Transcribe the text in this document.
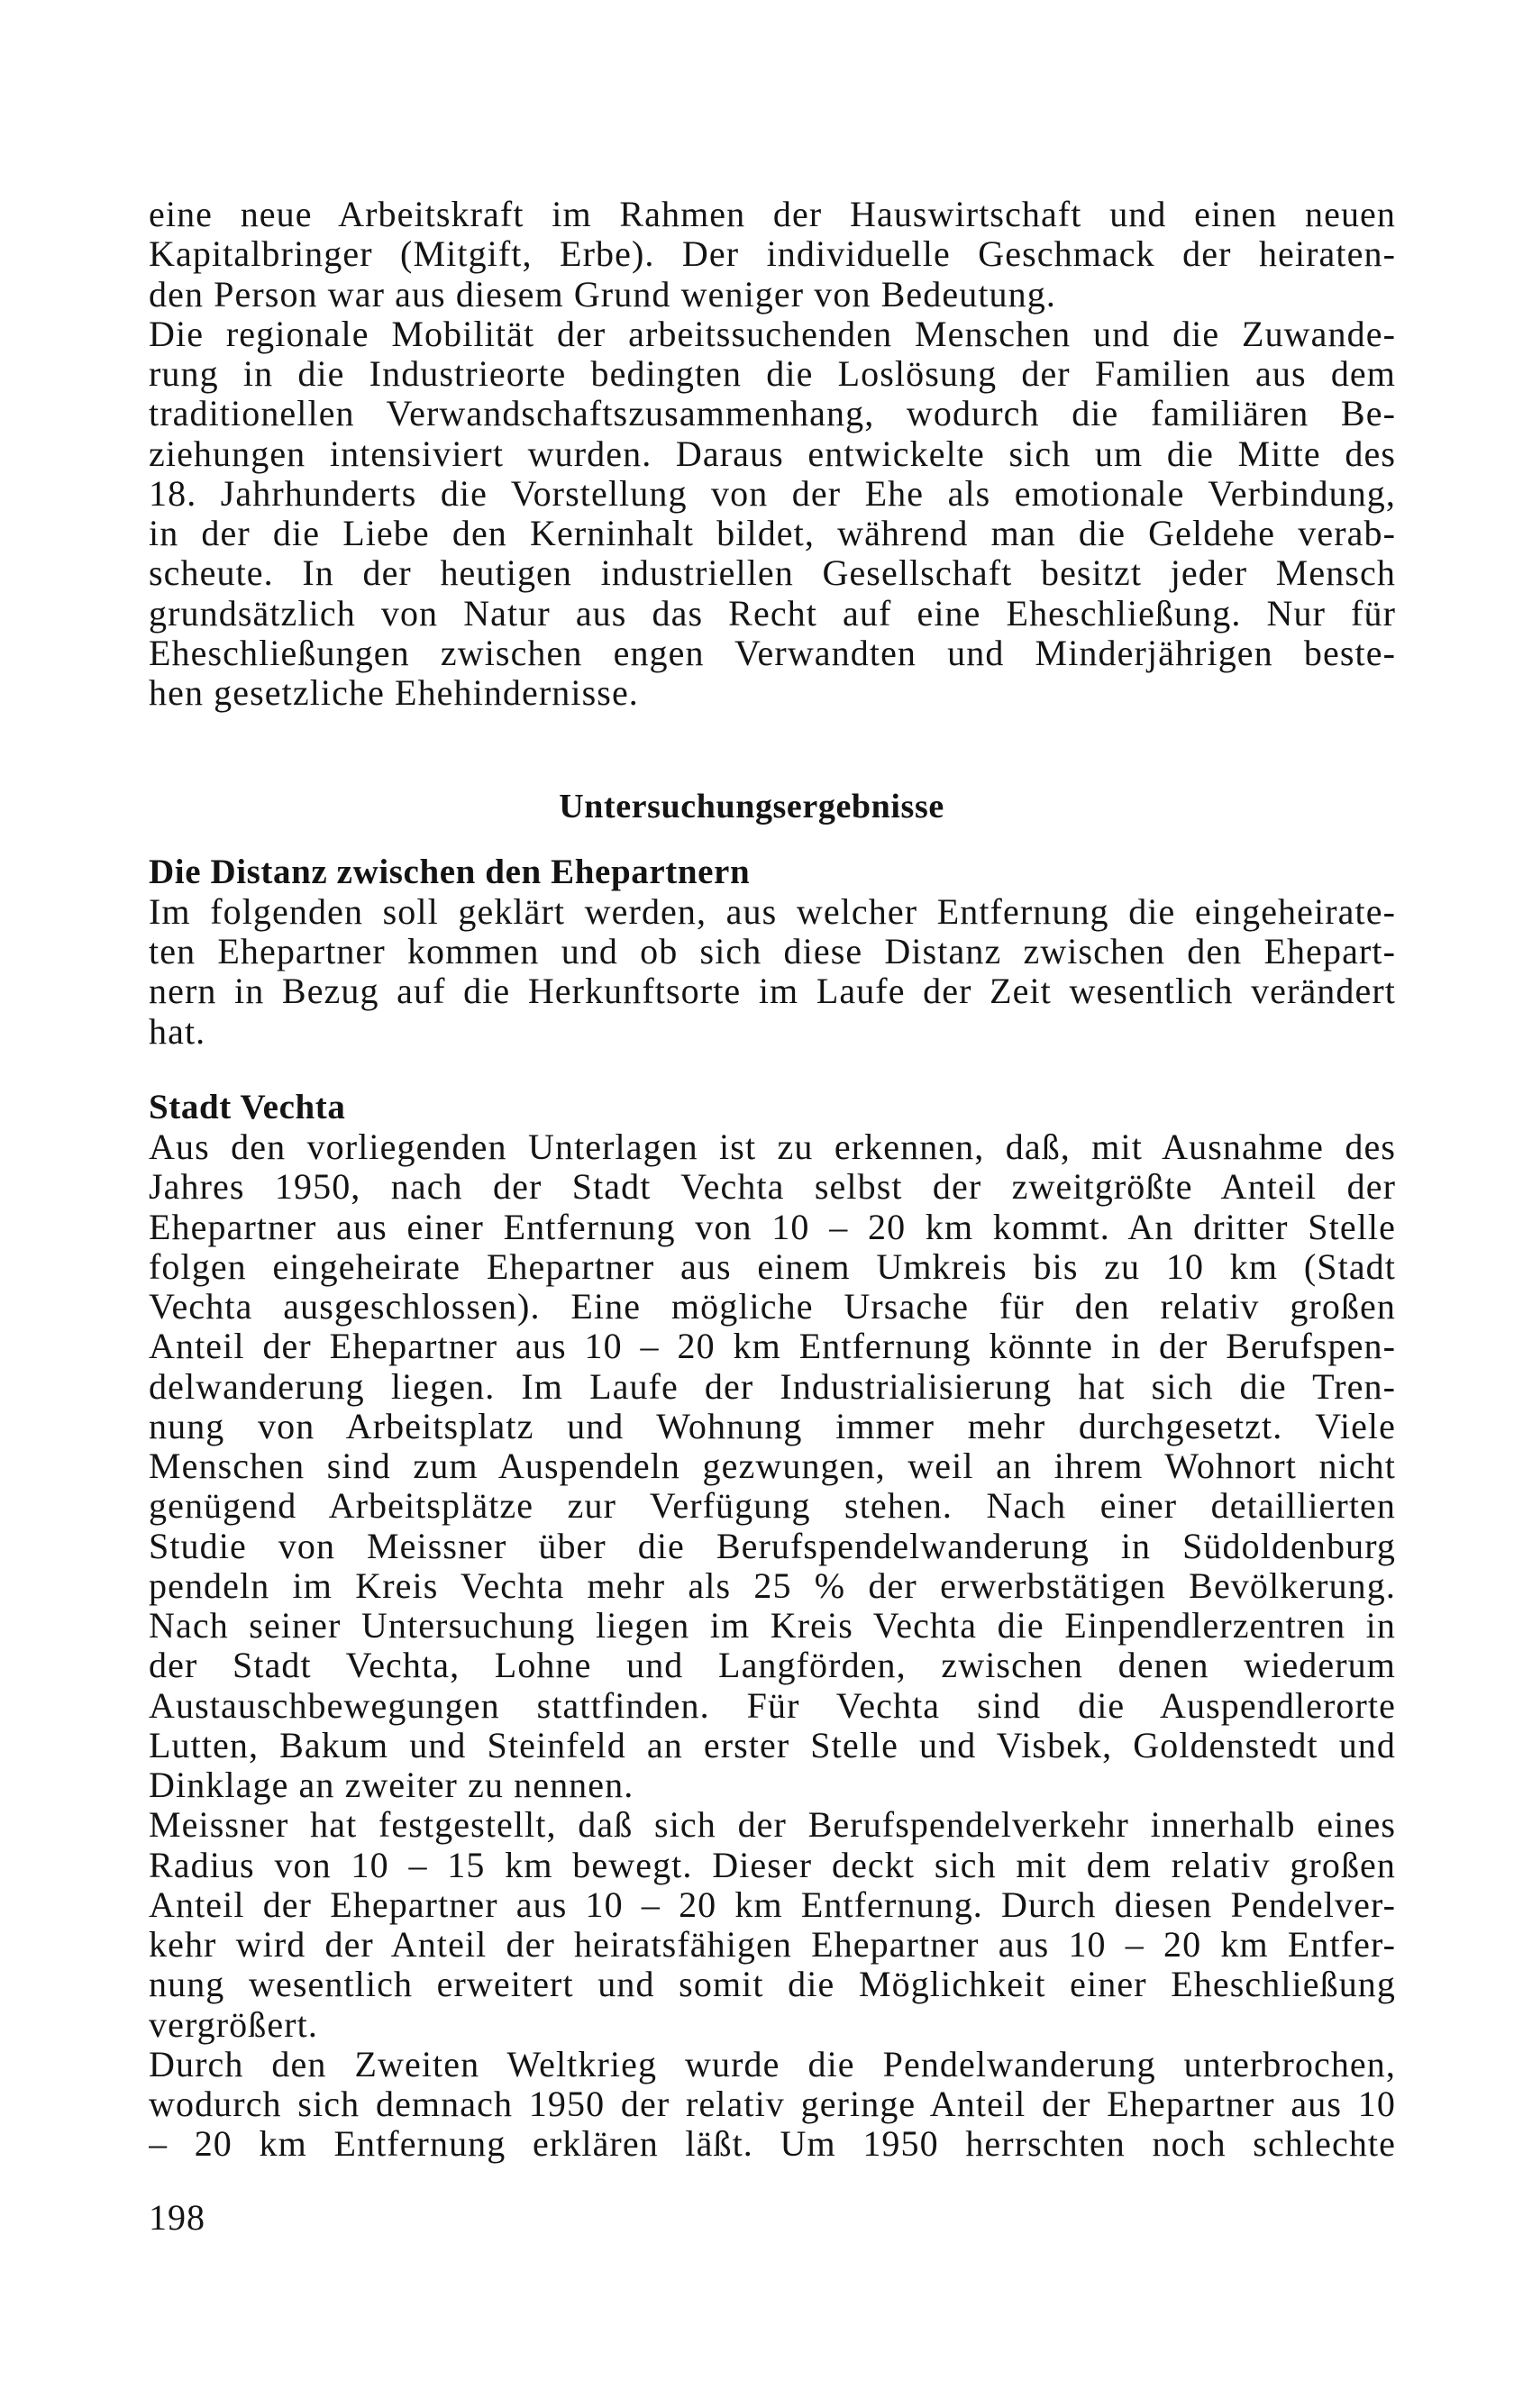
eine neue Arbeitskraft im Rahmen der Hauswirtschaft und einen neuen
Kapitalbringer (Mitgift, Erbe). Der individuelle Geschmack der heiraten-
den Person war aus diesem Grund weniger von Bedeutung.
Die regionale Mobilität der arbeitssuchenden Menschen und die Zuwande-
rung in die Industrieorte bedingten die Loslösung der Familien aus dem
traditionellen Verwandschaftszusammenhang, wodurch die familiären Be-
ziehungen intensiviert wurden. Daraus entwickelte sich um die Mitte des
18. Jahrhunderts die Vorstellung von der Ehe als emotionale Verbindung,
in der die Liebe den Kerninhalt bildet, während man die Geldehe verab-
scheute. In der heutigen industriellen Gesellschaft besitzt jeder Mensch
grundsätzlich von Natur aus das Recht auf eine Eheschließung. Nur für
Eheschließungen zwischen engen Verwandten und Minderjährigen beste-
hen gesetzliche Ehehindernisse.
Untersuchungsergebnisse
Die Distanz zwischen den Ehepartnern
Im folgenden soll geklärt werden, aus welcher Entfernung die eingeheirate-
ten Ehepartner kommen und ob sich diese Distanz zwischen den Ehepart-
nern in Bezug auf die Herkunftsorte im Laufe der Zeit wesentlich verändert
hat.
Stadt Vechta
Aus den vorliegenden Unterlagen ist zu erkennen, daß, mit Ausnahme des
Jahres 1950, nach der Stadt Vechta selbst der zweitgrößte Anteil der
Ehepartner aus einer Entfernung von 10 – 20 km kommt. An dritter Stelle
folgen eingeheirate Ehepartner aus einem Umkreis bis zu 10 km (Stadt
Vechta ausgeschlossen). Eine mögliche Ursache für den relativ großen
Anteil der Ehepartner aus 10 – 20 km Entfernung könnte in der Berufspen-
delwanderung liegen. Im Laufe der Industrialisierung hat sich die Tren-
nung von Arbeitsplatz und Wohnung immer mehr durchgesetzt. Viele
Menschen sind zum Auspendeln gezwungen, weil an ihrem Wohnort nicht
genügend Arbeitsplätze zur Verfügung stehen. Nach einer detaillierten
Studie von Meissner über die Berufspendelwanderung in Südoldenburg
pendeln im Kreis Vechta mehr als 25 % der erwerbstätigen Bevölkerung.
Nach seiner Untersuchung liegen im Kreis Vechta die Einpendlerzentren in
der Stadt Vechta, Lohne und Langförden, zwischen denen wiederum
Austauschbewegungen stattfinden. Für Vechta sind die Auspendlerorte
Lutten, Bakum und Steinfeld an erster Stelle und Visbek, Goldenstedt und
Dinklage an zweiter zu nennen.
Meissner hat festgestellt, daß sich der Berufspendelverkehr innerhalb eines
Radius von 10 – 15 km bewegt. Dieser deckt sich mit dem relativ großen
Anteil der Ehepartner aus 10 – 20 km Entfernung. Durch diesen Pendelver-
kehr wird der Anteil der heiratsfähigen Ehepartner aus 10 – 20 km Entfer-
nung wesentlich erweitert und somit die Möglichkeit einer Eheschließung
vergrößert.
Durch den Zweiten Weltkrieg wurde die Pendelwanderung unterbrochen,
wodurch sich demnach 1950 der relativ geringe Anteil der Ehepartner aus 10
– 20 km Entfernung erklären läßt. Um 1950 herrschten noch schlechte
198
